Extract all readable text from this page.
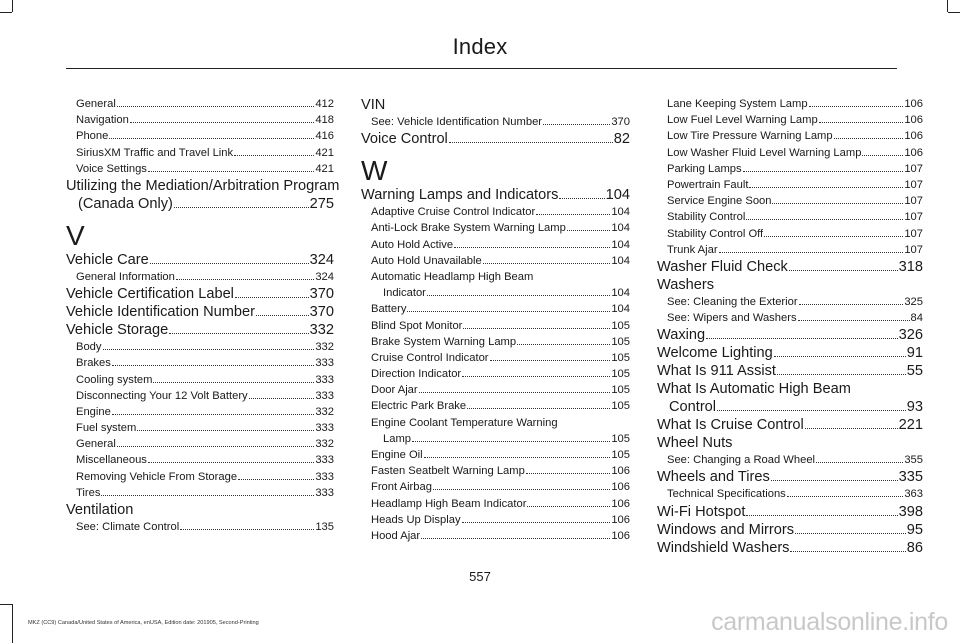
Index
General	412
Navigation	418
Phone	416
SiriusXM Traffic and Travel Link	421
Voice Settings	421
Utilizing the Mediation/Arbitration Program
(Canada Only)	275
V
Vehicle Care	324
General Information	324
Vehicle Certification Label	370
Vehicle Identification Number	370
Vehicle Storage	332
Body	332
Brakes	333
Cooling system	333
Disconnecting Your 12 Volt Battery	333
Engine	332
Fuel system	333
General	332
Miscellaneous	333
Removing Vehicle From Storage	333
Tires	333
Ventilation
See: Climate Control	135
VIN
See: Vehicle Identification Number	370
Voice Control	82
W
Warning Lamps and Indicators	104
Adaptive Cruise Control Indicator	104
Anti-Lock Brake System Warning Lamp	104
Auto Hold Active	104
Auto Hold Unavailable	104
Automatic Headlamp High Beam
Indicator	104
Battery	104
Blind Spot Monitor	105
Brake System Warning Lamp	105
Cruise Control Indicator	105
Direction Indicator	105
Door Ajar	105
Electric Park Brake	105
Engine Coolant Temperature Warning
Lamp	105
Engine Oil	105
Fasten Seatbelt Warning Lamp	106
Front Airbag	106
Headlamp High Beam Indicator	106
Heads Up Display	106
Hood Ajar	106
Lane Keeping System Lamp	106
Low Fuel Level Warning Lamp	106
Low Tire Pressure Warning Lamp	106
Low Washer Fluid Level Warning Lamp	106
Parking Lamps	107
Powertrain Fault	107
Service Engine Soon	107
Stability Control	107
Stability Control Off	107
Trunk Ajar	107
Washer Fluid Check	318
Washers
See: Cleaning the Exterior	325
See: Wipers and Washers	84
Waxing	326
Welcome Lighting	91
What Is 911 Assist	55
What Is Automatic High Beam
Control	93
What Is Cruise Control	221
Wheel Nuts
See: Changing a Road Wheel	355
Wheels and Tires	335
Technical Specifications	363
Wi-Fi Hotspot	398
Windows and Mirrors	95
Windshield Washers	86
557
MKZ (CC9) Canada/United States of America, enUSA, Edition date: 201905, Second-Printing	carmanualsonline.info
